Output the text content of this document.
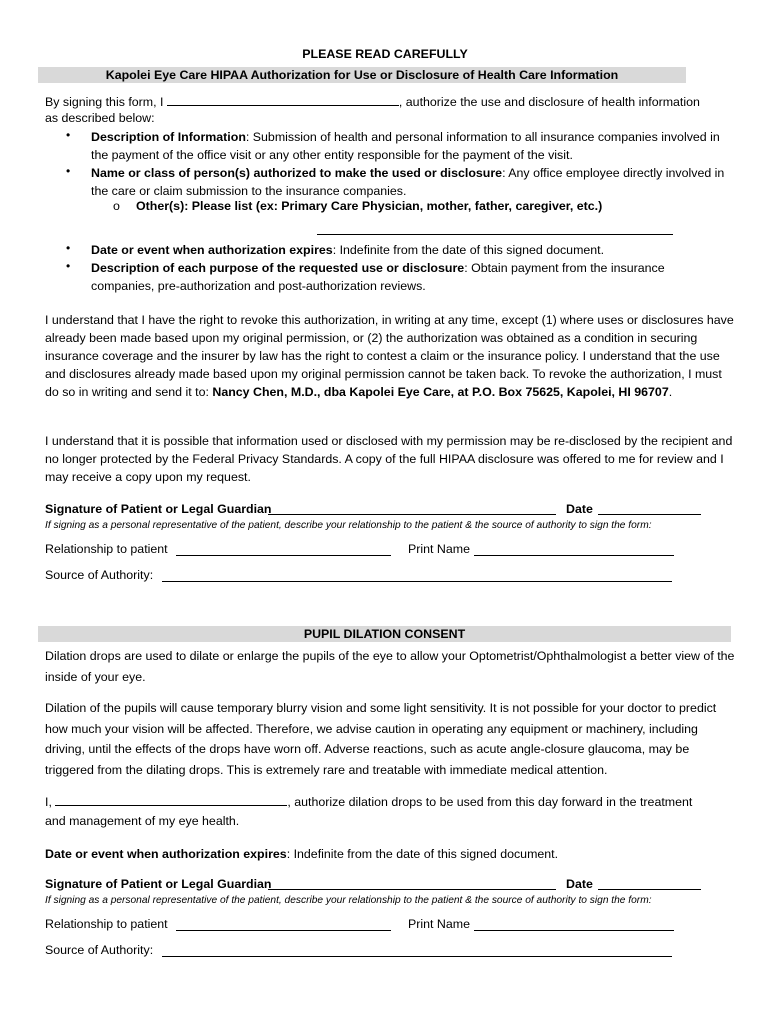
PLEASE READ CAREFULLY
Kapolei Eye Care HIPAA Authorization for Use or Disclosure of Health Care Information
By signing this form, I	, authorize the use and disclosure of health information
as described below:
• Description of Information: Submission of health and personal information to all insurance companies involved in the payment of the office visit or any other entity responsible for the payment of the visit.
• Name or class of person(s) authorized to make the used or disclosure: Any office employee directly involved in the care or claim submission to the insurance companies.
o Other(s): Please list (ex: Primary Care Physician, mother, father, caregiver, etc.)
• Date or event when authorization expires: Indefinite from the date of this signed document.
• Description of each purpose of the requested use or disclosure: Obtain payment from the insurance companies, pre-authorization and post-authorization reviews.
I understand that I have the right to revoke this authorization, in writing at any time, except (1) where uses or disclosures have already been made based upon my original permission, or (2) the authorization was obtained as a condition in securing insurance coverage and the insurer by law has the right to contest a claim or the insurance policy. I understand that the use and disclosures already made based upon my original permission cannot be taken back. To revoke the authorization, I must do so in writing and send it to: Nancy Chen, M.D., dba Kapolei Eye Care, at P.O. Box 75625, Kapolei, HI 96707.
I understand that it is possible that information used or disclosed with my permission may be re-disclosed by the recipient and no longer protected by the Federal Privacy Standards. A copy of the full HIPAA disclosure was offered to me for review and I may receive a copy upon my request.
Signature of Patient or Legal Guardian	Date
If signing as a personal representative of the patient, describe your relationship to the patient & the source of authority to sign the form:
Relationship to patient	Print Name
Source of Authority:
PUPIL DILATION CONSENT
Dilation drops are used to dilate or enlarge the pupils of the eye to allow your Optometrist/Ophthalmologist a better view of the inside of your eye.
Dilation of the pupils will cause temporary blurry vision and some light sensitivity. It is not possible for your doctor to predict how much your vision will be affected. Therefore, we advise caution in operating any equipment or machinery, including driving, until the effects of the drops have worn off. Adverse reactions, such as acute angle-closure glaucoma, may be triggered from the dilating drops. This is extremely rare and treatable with immediate medical attention.
I,	, authorize dilation drops to be used from this day forward in the treatment
and management of my eye health.
Date or event when authorization expires: Indefinite from the date of this signed document.
Signature of Patient or Legal Guardian	Date
If signing as a personal representative of the patient, describe your relationship to the patient & the source of authority to sign the form:
Relationship to patient	Print Name
Source of Authority:
